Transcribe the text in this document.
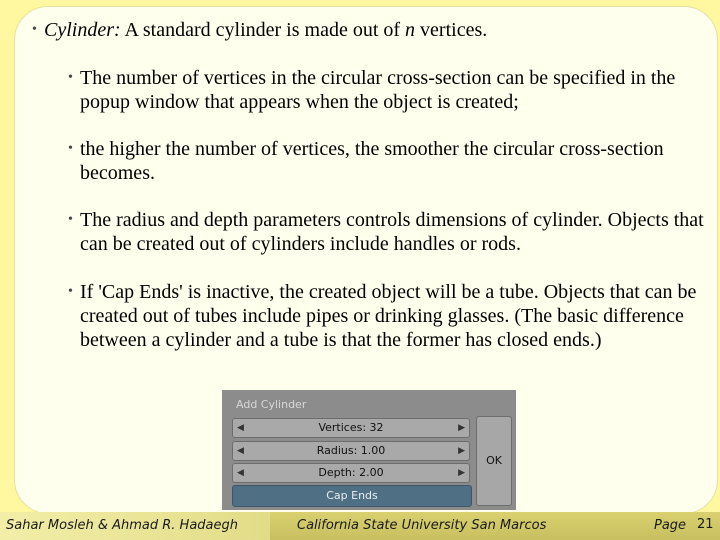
• Cylinder: A standard cylinder is made out of n vertices.
• The number of vertices in the circular cross-section can be specified in the popup window that appears when the object is created;
• the higher the number of vertices, the smoother the circular cross-section becomes.
• The radius and depth parameters controls dimensions of cylinder. Objects that can be created out of cylinders include handles or rods.
• If 'Cap Ends' is inactive, the created object will be a tube. Objects that can be created out of tubes include pipes or drinking glasses. (The basic difference between a cylinder and a tube is that the former has closed ends.)
Add Cylinder
◀	Vertices: 32	▶
◀	Radius: 1.00	▶
◀	Depth: 2.00	▶
Cap Ends
OK
Sahar Mosleh & Ahmad R. Hadaegh	California State University San Marcos	Page 21
